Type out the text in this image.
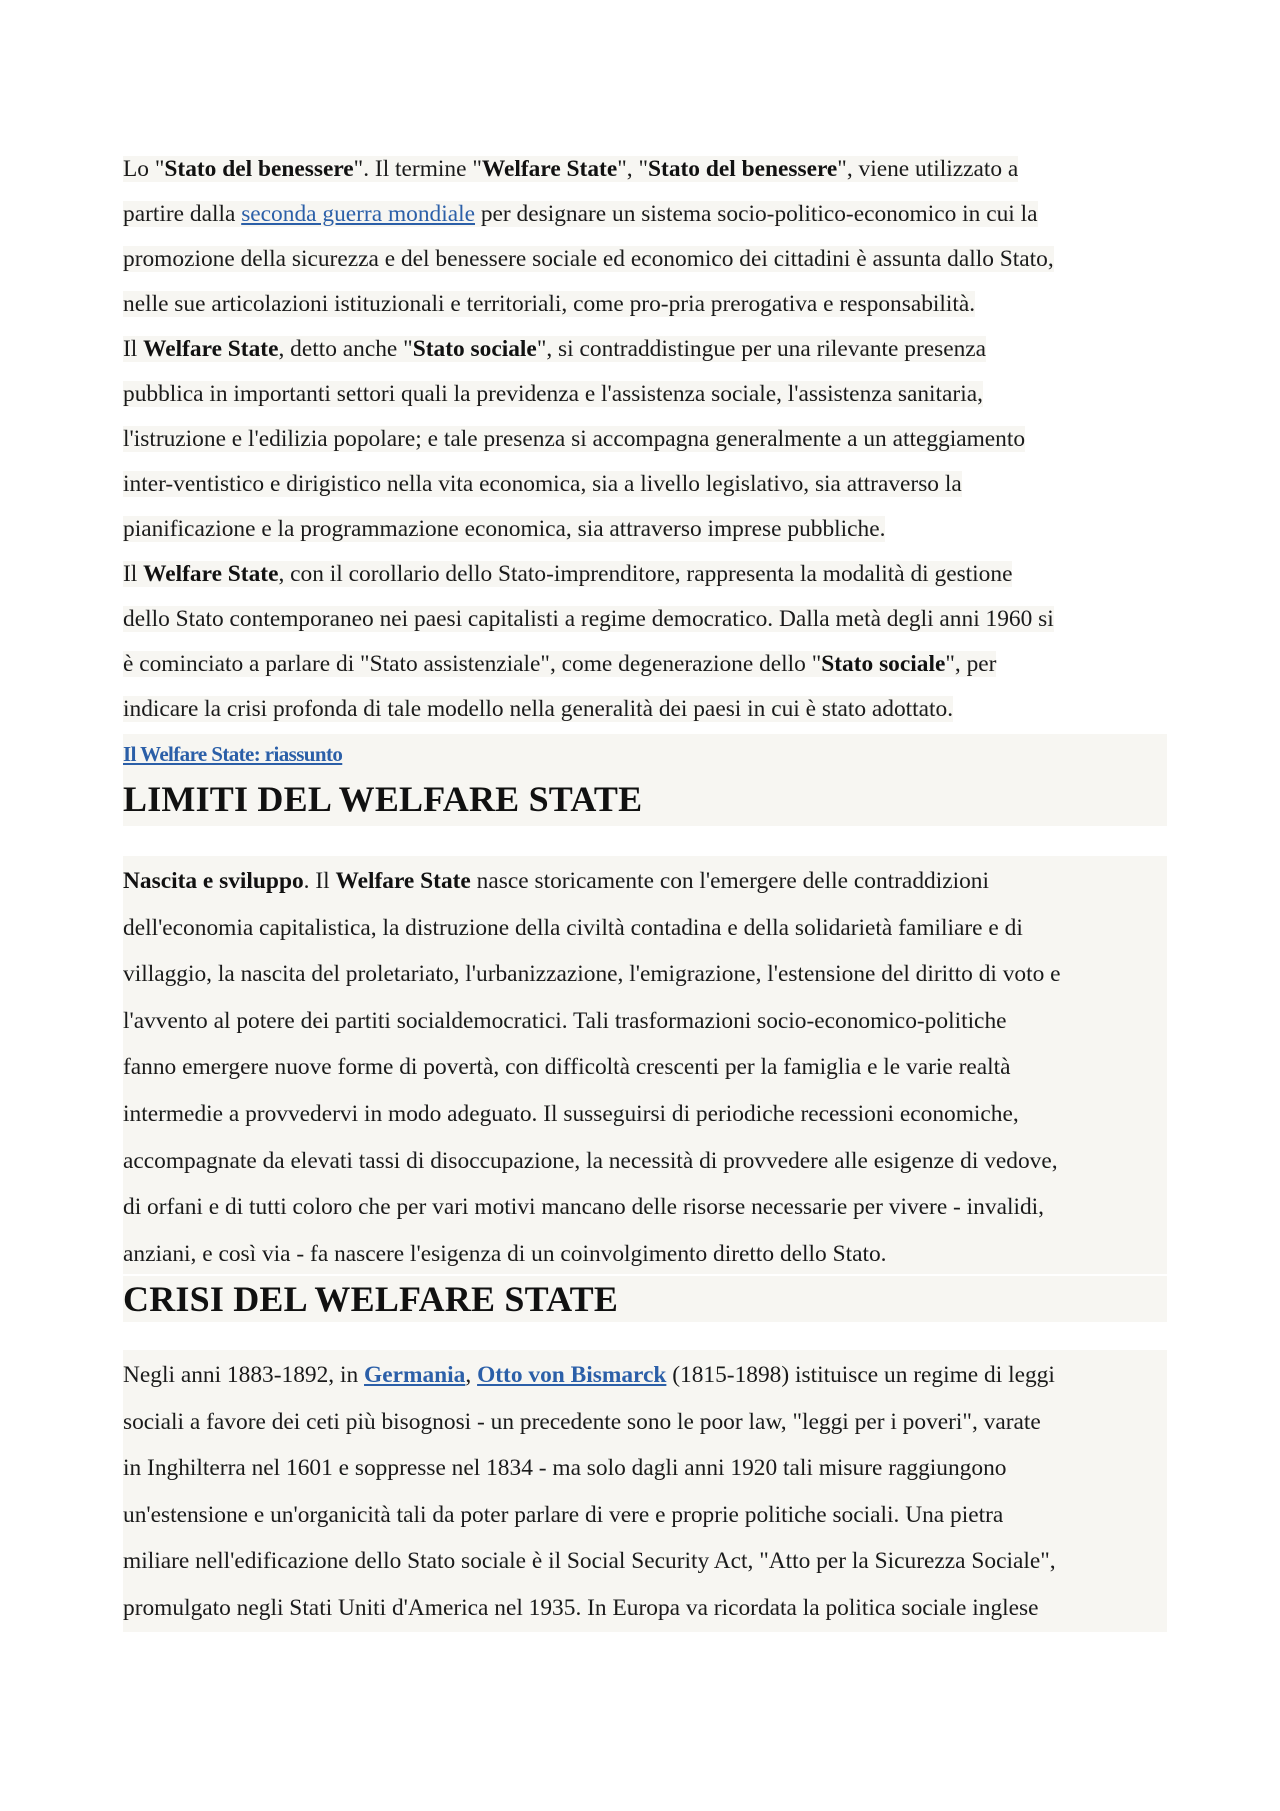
Lo "Stato del benessere". Il termine "Welfare State", "Stato del benessere", viene utilizzato a
partire dalla seconda guerra mondiale per designare un sistema socio-politico-economico in cui la
promozione della sicurezza e del benessere sociale ed economico dei cittadini è assunta dallo Stato,
nelle sue articolazioni istituzionali e territoriali, come pro-pria prerogativa e responsabilità.
Il Welfare State, detto anche "Stato sociale", si contraddistingue per una rilevante presenza
pubblica in importanti settori quali la previdenza e l'assistenza sociale, l'assistenza sanitaria,
l'istruzione e l'edilizia popolare; e tale presenza si accompagna generalmente a un atteggiamento
inter-ventistico e dirigistico nella vita economica, sia a livello legislativo, sia attraverso la
pianificazione e la programmazione economica, sia attraverso imprese pubbliche.
Il Welfare State, con il corollario dello Stato-imprenditore, rappresenta la modalità di gestione
dello Stato contemporaneo nei paesi capitalisti a regime democratico. Dalla metà degli anni 1960 si
è cominciato a parlare di "Stato assistenziale", come degenerazione dello "Stato sociale", per
indicare la crisi profonda di tale modello nella generalità dei paesi in cui è stato adottato.
Il Welfare State: riassunto
LIMITI DEL WELFARE STATE
Nascita e sviluppo. Il Welfare State nasce storicamente con l'emergere delle contraddizioni
dell'economia capitalistica, la distruzione della civiltà contadina e della solidarietà familiare e di
villaggio, la nascita del proletariato, l'urbanizzazione, l'emigrazione, l'estensione del diritto di voto e
l'avvento al potere dei partiti socialdemocratici. Tali trasformazioni socio-economico-politiche
fanno emergere nuove forme di povertà, con difficoltà crescenti per la famiglia e le varie realtà
intermedie a provvedervi in modo adeguato. Il susseguirsi di periodiche recessioni economiche,
accompagnate da elevati tassi di disoccupazione, la necessità di provvedere alle esigenze di vedove,
di orfani e di tutti coloro che per vari motivi mancano delle risorse necessarie per vivere - invalidi,
anziani, e così via - fa nascere l'esigenza di un coinvolgimento diretto dello Stato.
CRISI DEL WELFARE STATE
Negli anni 1883-1892, in Germania, Otto von Bismarck (1815-1898) istituisce un regime di leggi
sociali a favore dei ceti più bisognosi - un precedente sono le poor law, "leggi per i poveri", varate
in Inghilterra nel 1601 e soppresse nel 1834 - ma solo dagli anni 1920 tali misure raggiungono
un'estensione e un'organicità tali da poter parlare di vere e proprie politiche sociali. Una pietra
miliare nell'edificazione dello Stato sociale è il Social Security Act, "Atto per la Sicurezza Sociale",
promulgato negli Stati Uniti d'America nel 1935. In Europa va ricordata la politica sociale inglese
